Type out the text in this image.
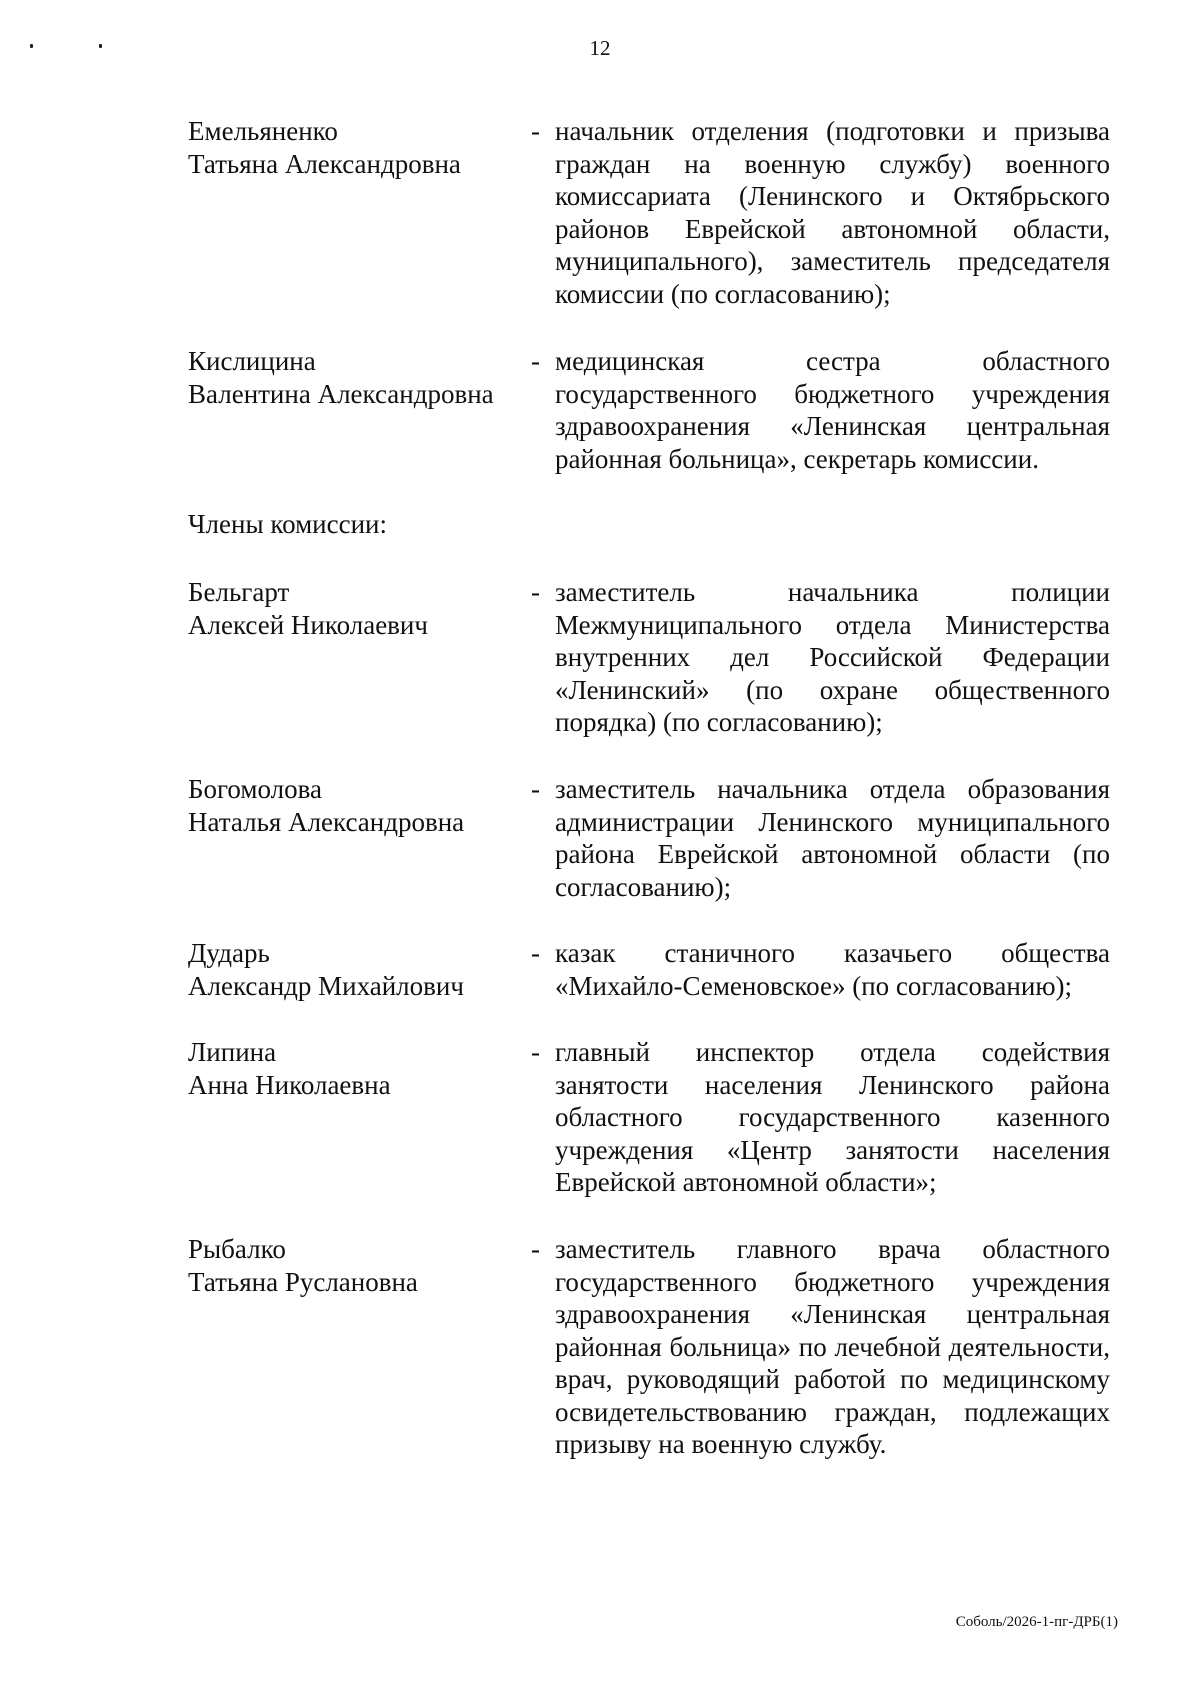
12
Емельяненко
Татьяна Александровна
- начальник отделения (подготовки и призыва граждан на военную службу) военного комиссариата (Ленинского и Октябрьского районов Еврейской автономной области, муниципального), заместитель председателя комиссии (по согласованию);
Кислицина
Валентина Александровна
- медицинская сестра областного государственного бюджетного учреждения здравоохранения «Ленинская центральная районная больница», секретарь комиссии.
Члены комиссии:
Бельгарт
Алексей Николаевич
- заместитель начальника полиции Межмуниципального отдела Министерства внутренних дел Российской Федерации «Ленинский» (по охране общественного порядка) (по согласованию);
Богомолова
Наталья Александровна
- заместитель начальника отдела образования администрации Ленинского муниципального района Еврейской автономной области (по согласованию);
Дударь
Александр Михайлович
- казак станичного казачьего общества «Михайло-Семеновское» (по согласованию);
Липина
Анна Николаевна
- главный инспектор отдела содействия занятости населения Ленинского района областного государственного казенного учреждения «Центр занятости населения Еврейской автономной области»;
Рыбалко
Татьяна Руслановна
- заместитель главного врача областного государственного бюджетного учреждения здравоохранения «Ленинская центральная районная больница» по лечебной деятельности, врач, руководящий работой по медицинскому освидетельствованию граждан, подлежащих призыву на военную службу.
Соболь/2026-1-пг-ДРБ(1)
